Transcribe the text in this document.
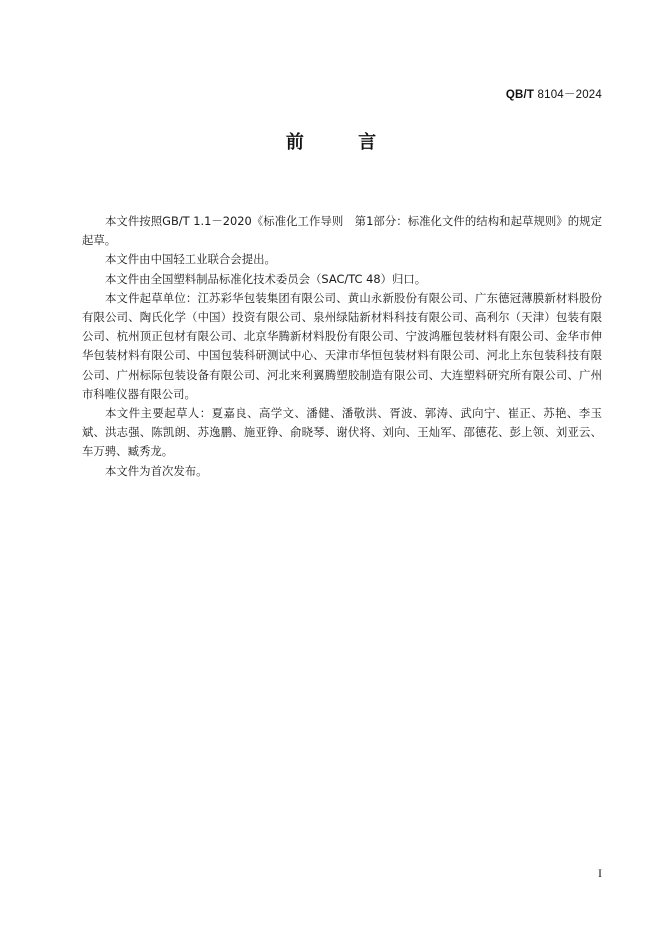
QB/T 8104－2024
前 言

本文件按照GB/T 1.1－2020《标准化工作导则　第1部分：标准化文件的结构和起草规则》的规定起草。

本文件由中国轻工业联合会提出。

本文件由全国塑料制品标准化技术委员会（SAC/TC 48）归口。

本文件起草单位：江苏彩华包装集团有限公司、黄山永新股份有限公司、广东德冠薄膜新材料股份有限公司、陶氏化学（中国）投资有限公司、泉州绿陆新材料科技有限公司、高利尔（天津）包装有限公司、杭州顶正包材有限公司、北京华腾新材料股份有限公司、宁波鸿雁包装材料有限公司、金华市伸华包装材料有限公司、中国包装科研测试中心、天津市华恒包装材料有限公司、河北上东包装科技有限公司、广州标际包装设备有限公司、河北来利翼腾塑胶制造有限公司、大连塑料研究所有限公司、广州市科唯仪器有限公司。

本文件主要起草人：夏嘉良、高学文、潘健、潘敬洪、胥波、郭涛、武向宁、崔正、苏艳、李玉斌、洪志强、陈凯朗、苏逸鹏、施亚铮、俞晓琴、谢伏将、刘向、王灿军、邵德花、彭上领、刘亚云、车万骋、臧秀龙。

本文件为首次发布。

I
